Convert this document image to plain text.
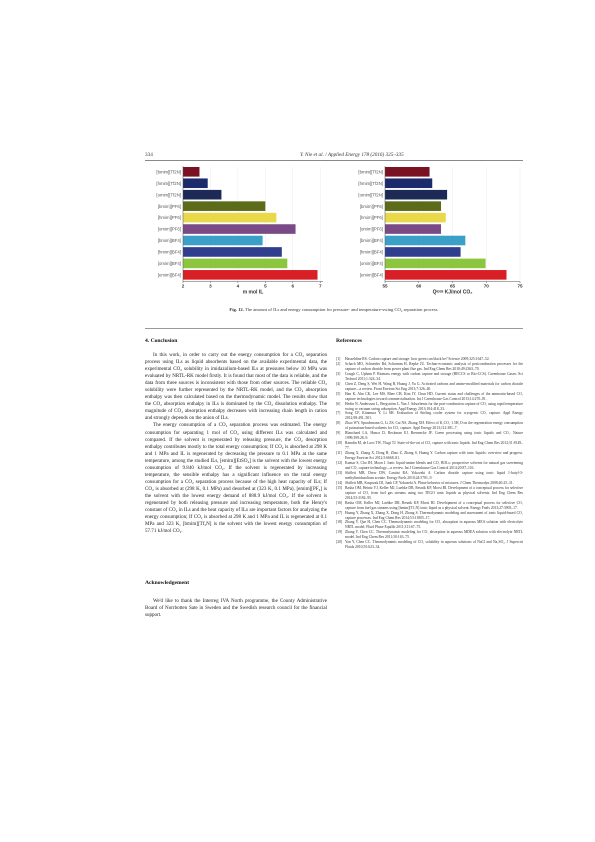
334	Y. Nie et al. / Applied Energy 178 (2016) 325–335
[bmim][Tf2N]
[hmim][Tf2N]
[omim][Tf2N]
[bmim][PF6]
[hmim][PF6]
[omim][PF6]
[bmim][BF4]
[hmim][BF4]
[omim][BF4]
[emim][BF4]
2	3	4	5	6	7
m mol IL
[bmim][Tf2N]
[hmim][Tf2N]
[omim][Tf2N]
[bmim][PF6]
[hmim][PF6]
[omim][PF6]
[bmim][BF4]
[hmim][BF4]
[omim][BF4]
[emim][BF4]
55	60	65	70	75
Qᵗᵒᵗᵃˡ KJ/mol CO₂
Fig. 12. The amount of ILs and energy consumption for pressure- and temperature-swing CO₂ separation process.
4. Conclusion

In this work, in order to carry out the energy consumption for a CO₂ separation process using ILs as liquid absorbents based on the available experimental data, the experimental CO₂ solubility in imidazolium-based ILs at pressures below 10 MPa was evaluated by NRTL-RK model firstly. It is found that most of the data is reliable, and the data from three sources is inconsistent with those from other sources. The reliable CO₂ solubility were further represented by the NRTL-RK model, and the CO₂ absorption enthalpy was then calculated based on the thermodynamic model. The results show that the CO₂ absorption enthalpy in ILs is dominated by the CO₂ dissolution enthalpy. The magnitude of CO₂ absorption enthalpy decreases with increasing chain length in cation and strongly depends on the anion of ILs.

The energy consumption of a CO₂ separation process was estimated. The energy consumption for separating 1 mol of CO₂ using different ILs was calculated and compared. If the solvent is regenerated by releasing pressure, the CO₂ desorption enthalpy contributes mostly to the total energy consumption; If CO₂ is absorbed at 298 K and 1 MPa and IL is regenerated by decreasing the pressure to 0.1 MPa at the same temperature, among the studied ILs, [emim][EtSO₄] is the solvent with the lowest energy consumption of 9.840 kJ/mol CO₂. If the solvent is regenerated by increasing temperature, the sensible enthalpy has a significant influence on the total energy consumption for a CO₂ separation process because of the high heat capacity of ILs; If CO₂ is absorbed at (298 K, 0.1 MPa) and desorbed at (323 K, 0.1 MPa), [emim][PF₆] is the solvent with the lowest energy demand of 888.9 kJ/mol CO₂. If the solvent is regenerated by both releasing pressure and increasing temperature, both the Henry's constant of CO₂ in ILs and the heat capacity of ILs are important factors for analyzing the energy consumption; If CO₂ is absorbed at 298 K and 1 MPa and IL is regenerated at 0.1 MPa and 323 K, [bmim][Tf₂N] is the solvent with the lowest energy consumption of 57.71 kJ/mol CO₂.

Acknowledgement

We'd like to thank the Interreg IVA North programme, the County Administrative Board of Norrbotten Sate in Sweden and the Swedish research council for the financial support.

References
[1]	Haszeldine RS. Carbon capture and storage: how green can black be? Science 2009;325:1647–52.
[2]	Schach MO, Schneider Rd, Schramm H, Repke JU. Techno-economic analysis of postcombustion processes for the capture of carbon dioxide from power plant flue gas. Ind Eng Chem Res 2010;49:2363–70.
[3]	Gough C, Upham P. Biomass energy with carbon capture and storage (BECCS or Bio-CCS). Greenhouse Gases: Sci Technol 2011;1:324–34.
[4]	Chen Z, Deng S, Wei H, Wang B, Huang J, Yu G. Activated carbons and amine-modified materials for carbon dioxide capture—a review. Front Environ Sci Eng 2013;7:326–40.
[5]	Han K, Ahn CK, Lee MS, Rhee CH, Kim JY, Chun HD. Current status and challenges of the ammonia-based CO₂ capture technologies toward commercialization. Int J Greenhouse Gas Control 2013;14:270–81.
[6]	Hedin N, Andersson L, Bergström L, Yan J. Adsorbents for the post-combustion capture of CO₂ using rapid temperature swing or vacuum swing adsorption. Appl Energy 2013;104:418–33.
[7]	Song CF, Kitamura Y, Li SH. Evaluation of Stirling cooler system for cryogenic CO₂ capture. Appl Energy 2012;98:491–501.
[8]	Zhao WY, Sprachmann G, Li ZS, Cai NS, Zhang XH. Effect of K₂CO₃·1.5H₂O on the regeneration energy consumption of potassium-based sorbents for CO₂ capture. Appl Energy 2013;112:381–7.
[9]	Blanchard LA, Hancu D, Beckman EJ, Brennecke JF. Green processing using ionic liquids and CO₂. Nature 1999;399:28–9.
[10] Ramdin M, de Loos TW, Vlugt TJ. State-of-the-art of CO₂ capture with ionic liquids. Ind Eng Chem Res 2012;51:8149–77.
[11] Zhang X, Zhang X, Dong H, Zhao Z, Zhang S, Huang Y. Carbon capture with ionic liquids: overview and progress. Energy Environ Sci 2012;5:6668–81.
[12] Kumar S, Cho JH, Moon I. Ionic liquid-amine blends and CO₂ BOLs: prospective solvents for natural gas sweetening and CO₂ capture technology—a review. Int J Greenhouse Gas Control 2014;20:87–116.
[13] Shiflett MB, Drew DW, Cantini RA, Yokozeki A. Carbon dioxide capture using ionic liquid 1-butyl-3-methylimidazolium acetate. Energy Fuels 2010;24:5781–9.
[14] Shiflett MB, Kasprzak DJ, Junk CP, Yokozeki A. Phase behavior of mixtures. J Chem Thermodyn 2008;40:25–31.
[15] Basha OM, Heintz YJ, Keller MJ, Luebke DR, Resnik KP, Morsi BI. Development of a conceptual process for selective capture of CO₂ from fuel gas streams using two TEGO ionic liquids as physical solvents. Ind Eng Chem Res 2014;53:3184–95.
[16] Basha OM, Keller MJ, Luebke DR, Resnik KP, Morsi BI. Development of a conceptual process for selective CO₂ capture from fuel gas streams using [hmim][Tf₂N] ionic liquid as a physical solvent. Energy Fuels 2013;27:3905–17.
[17] Huang Y, Zhang X, Zhang X, Dong H, Zhang S. Thermodynamic modeling and assessment of ionic liquid-based CO₂ capture processes. Ind Eng Chem Res 2014;53:11805–17.
[18] Zhang Y, Que H, Chen CC. Thermodynamic modeling for CO₂ absorption in aqueous MEA solution with electrolyte NRTL model. Fluid Phase Equilib 2011;311:67–75.
[19] Zhang Y, Chen CC. Thermodynamic modeling for CO₂ absorption in aqueous MDEA solution with electrolyte NRTL model. Ind Eng Chem Res 2011;50:163–75.
[20] Yan Y, Chen CC. Thermodynamic modeling of CO₂ solubility in aqueous solutions of NaCl and Na₂SO₄. J Supercrit Fluids 2010;55:623–34.
